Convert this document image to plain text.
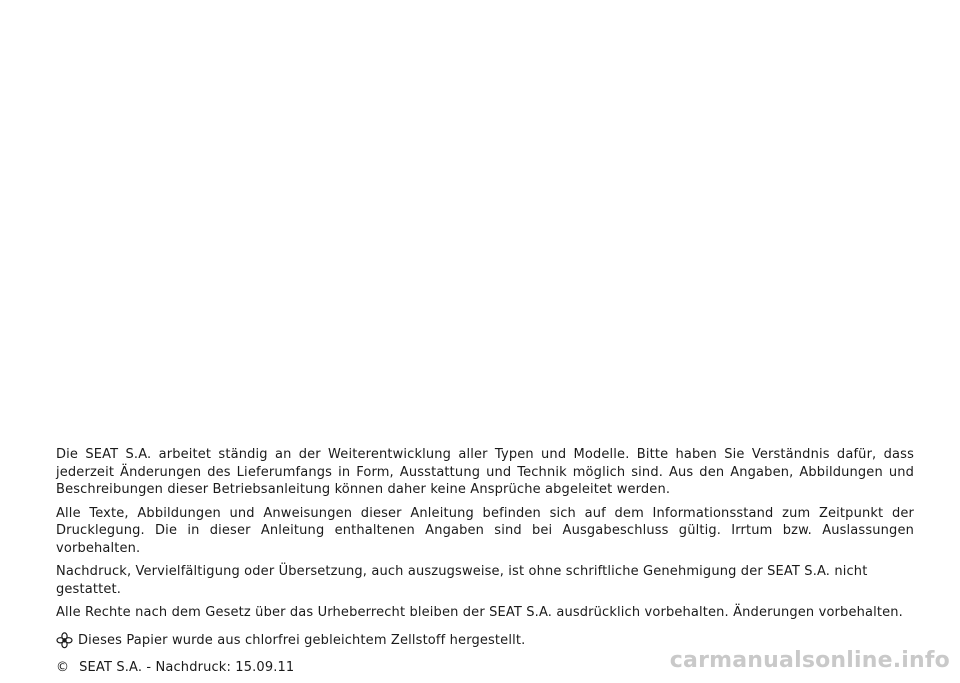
Die SEAT S.A. arbeitet ständig an der Weiterentwicklung aller Typen und Modelle. Bitte haben Sie Verständnis dafür, dass jederzeit Änderungen des Lieferumfangs in Form, Ausstattung und Technik möglich sind. Aus den Angaben, Abbildungen und Beschreibungen dieser Betriebsanleitung können daher keine Ansprüche abgeleitet werden.

Alle Texte, Abbildungen und Anweisungen dieser Anleitung befinden sich auf dem Informationsstand zum Zeitpunkt der Drucklegung. Die in dieser Anleitung enthaltenen Angaben sind bei Ausgabeschluss gültig. Irrtum bzw. Auslassungen vorbehalten.

Nachdruck, Vervielfältigung oder Übersetzung, auch auszugsweise, ist ohne schriftliche Genehmigung der SEAT S.A. nicht gestattet.

Alle Rechte nach dem Gesetz über das Urheberrecht bleiben der SEAT S.A. ausdrücklich vorbehalten. Änderungen vorbehalten.

Dieses Papier wurde aus chlorfrei gebleichtem Zellstoff hergestellt.

© SEAT S.A. - Nachdruck: 15.09.11	carmanualsonline.info
